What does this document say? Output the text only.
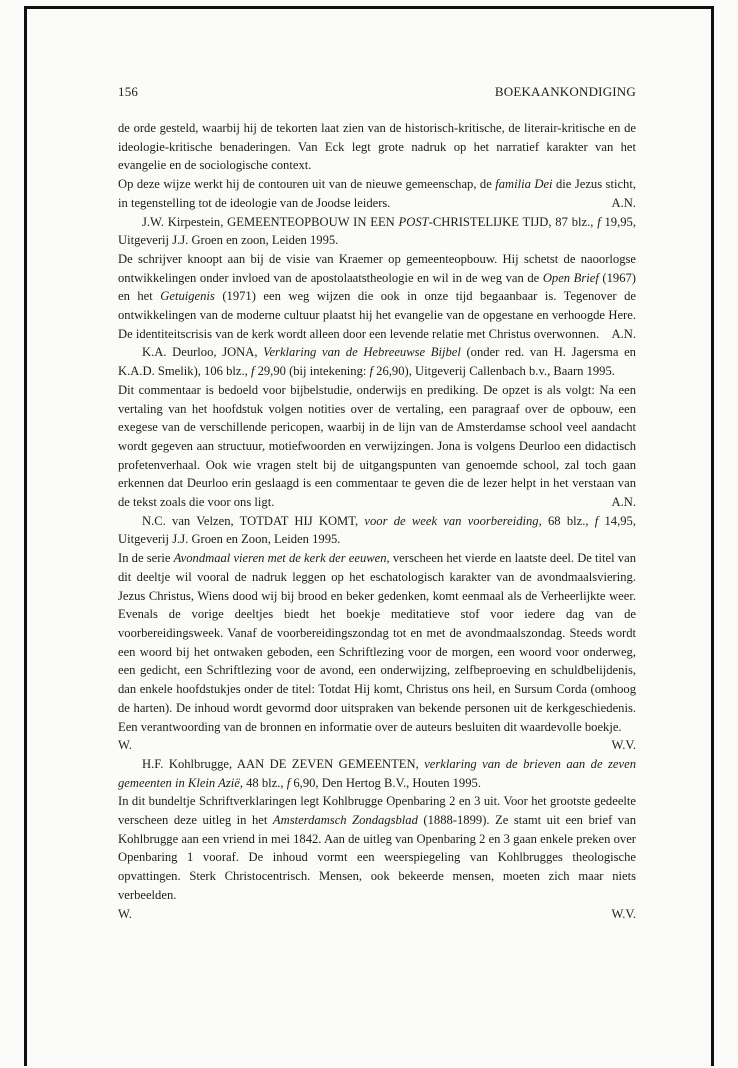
156	BOEKAANKONDIGING

de orde gesteld, waarbij hij de tekorten laat zien van de historisch-kritische, de literair-kritische en de ideologie-kritische benaderingen. Van Eck legt grote nadruk op het narratief karakter van het evangelie en de sociologische context.

Op deze wijze werkt hij de contouren uit van de nieuwe gemeenschap, de familia Dei die Jezus sticht, in tegenstelling tot de ideologie van de Joodse leiders.	A.N.

J.W. Kirpestein, GEMEENTEOPBOUW IN EEN POST-CHRISTELIJKE TIJD, 87 blz., f 19,95, Uitgeverij J.J. Groen en zoon, Leiden 1995.

De schrijver knoopt aan bij de visie van Kraemer op gemeenteopbouw. Hij schetst de naoorlogse ontwikkelingen onder invloed van de apostolaatstheologie en wil in de weg van de Open Brief (1967) en het Getuigenis (1971) een weg wijzen die ook in onze tijd begaanbaar is. Tegenover de ontwikkelingen van de moderne cultuur plaatst hij het evangelie van de opgestane en verhoogde Here. De identiteitscrisis van de kerk wordt alleen door een levende relatie met Christus overwonnen. A.N.

K.A. Deurloo, JONA, Verklaring van de Hebreeuwse Bijbel (onder red. van H. Jagersma en K.A.D. Smelik), 106 blz., f 29,90 (bij intekening: f 26,90), Uitgeverij Callenbach b.v., Baarn 1995.

Dit commentaar is bedoeld voor bijbelstudie, onderwijs en prediking. De opzet is als volgt: Na een vertaling van het hoofdstuk volgen notities over de vertaling, een paragraaf over de opbouw, een exegese van de verschillende pericopen, waarbij in de lijn van de Amsterdamse school veel aandacht wordt gegeven aan structuur, motiefwoorden en verwijzingen. Jona is volgens Deurloo een didactisch profetenverhaal. Ook wie vragen stelt bij de uitgangspunten van genoemde school, zal toch gaan erkennen dat Deurloo erin geslaagd is een commentaar te geven die de lezer helpt in het verstaan van de tekst zoals die voor ons ligt.	A.N.

N.C. van Velzen, TOTDAT HIJ KOMT, voor de week van voorbereiding, 68 blz., f 14,95, Uitgeverij J.J. Groen en Zoon, Leiden 1995.

In de serie Avondmaal vieren met de kerk der eeuwen, verscheen het vierde en laatste deel. De titel van dit deeltje wil vooral de nadruk leggen op het eschatologisch karakter van de avondmaalsviering. Jezus Christus, Wiens dood wij bij brood en beker gedenken, komt eenmaal als de Verheerlijkte weer. Evenals de vorige deeltjes biedt het boekje meditatieve stof voor iedere dag van de voorbereidingsweek. Vanaf de voorbereidingszondag tot en met de avondmaalszondag. Steeds wordt een woord bij het ontwaken geboden, een Schriftlezing voor de morgen, een woord voor onderweg, een gedicht, een Schriftlezing voor de avond, een onderwijzing, zelfbeproeving en schuldbelijdenis, dan enkele hoofdstukjes onder de titel: Totdat Hij komt, Christus ons heil, en Sursum Corda (omhoog de harten). De inhoud wordt gevormd door uitspraken van bekende personen uit de kerkgeschiedenis. Een verantwoording van de bronnen en informatie over de auteurs besluiten dit waardevolle boekje.

W.	W.V.

H.F. Kohlbrugge, AAN DE ZEVEN GEMEENTEN, verklaring van de brieven aan de zeven gemeenten in Klein Azië, 48 blz., f 6,90, Den Hertog B.V., Houten 1995.

In dit bundeltje Schriftverklaringen legt Kohlbrugge Openbaring 2 en 3 uit. Voor het grootste gedeelte verscheen deze uitleg in het Amsterdamsch Zondagsblad (1888-1899). Ze stamt uit een brief van Kohlbrugge aan een vriend in mei 1842. Aan de uitleg van Openbaring 2 en 3 gaan enkele preken over Openbaring 1 vooraf. De inhoud vormt een weerspiegeling van Kohlbrugges theologische opvattingen. Sterk Christocentrisch. Mensen, ook bekeerde mensen, moeten zich maar niets verbeelden.

W.	W.V.
